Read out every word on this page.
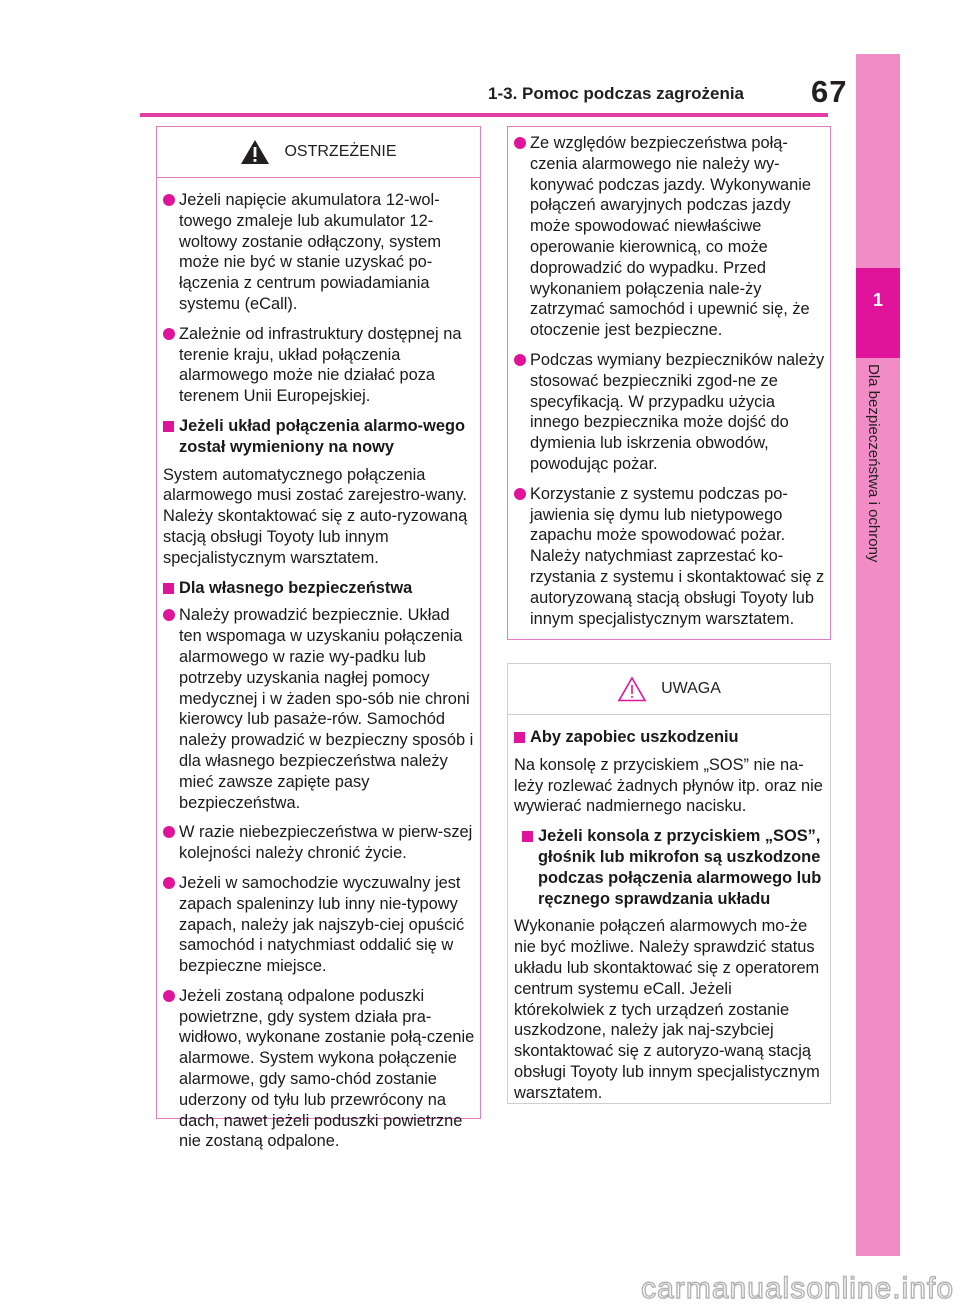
1-3. Pomoc podczas zagrożenia 67
1
Dla bezpieczeństwa i ochrony
OSTRZEŻENIE

Jeżeli napięcie akumulatora 12-wol-towego zmaleje lub akumulator 12-woltowy zostanie odłączony, system może nie być w stanie uzyskać po-łączenia z centrum powiadamiania systemu (eCall).

Zależnie od infrastruktury dostępnej na terenie kraju, układ połączenia alarmowego może nie działać poza terenem Unii Europejskiej.

Jeżeli układ połączenia alarmo-wego został wymieniony na nowy

System automatycznego połączenia alarmowego musi zostać zarejestro-wany. Należy skontaktować się z auto-ryzowaną stacją obsługi Toyoty lub innym specjalistycznym warsztatem.

Dla własnego bezpieczeństwa

Należy prowadzić bezpiecznie. Układ ten wspomaga w uzyskaniu połączenia alarmowego w razie wy-padku lub potrzeby uzyskania nagłej pomocy medycznej i w żaden spo-sób nie chroni kierowcy lub pasaże-rów. Samochód należy prowadzić w bezpieczny sposób i dla własnego bezpieczeństwa należy mieć zawsze zapięte pasy bezpieczeństwa.

W razie niebezpieczeństwa w pierw-szej kolejności należy chronić życie.

Jeżeli w samochodzie wyczuwalny jest zapach spaleninzy lub inny nie-typowy zapach, należy jak najszyb-ciej opuścić samochód i natychmiast oddalić się w bezpieczne miejsce.

Jeżeli zostaną odpalone poduszki powietrzne, gdy system działa pra-widłowo, wykonane zostanie połą-czenie alarmowe. System wykona połączenie alarmowe, gdy samo-chód zostanie uderzony od tyłu lub przewrócony na dach, nawet jeżeli poduszki powietrzne nie zostaną odpalone.

Ze względów bezpieczeństwa połą-czenia alarmowego nie należy wy-konywać podczas jazdy. Wykonywanie połączeń awaryjnych podczas jazdy może spowodować niewłaściwe operowanie kierownicą, co może doprowadzić do wypadku. Przed wykonaniem połączenia nale-ży zatrzymać samochód i upewnić się, że otoczenie jest bezpieczne.

Podczas wymiany bezpieczników należy stosować bezpieczniki zgod-ne ze specyfikacją. W przypadku użycia innego bezpiecznika może dojść do dymienia lub iskrzenia obwodów, powodując pożar.

Korzystanie z systemu podczas po-jawienia się dymu lub nietypowego zapachu może spowodować pożar. Należy natychmiast zaprzestać ko-rzystania z systemu i skontaktować się z autoryzowaną stacją obsługi Toyoty lub innym specjalistycznym warsztatem.

UWAGA

Aby zapobiec uszkodzeniu

Na konsolę z przyciskiem „SOS” nie na-leży rozlewać żadnych płynów itp. oraz nie wywierać nadmiernego nacisku.

Jeżeli konsola z przyciskiem „SOS”, głośnik lub mikrofon są uszkodzone podczas połączenia alarmowego lub ręcznego sprawdzania układu

Wykonanie połączeń alarmowych mo-że nie być możliwe. Należy sprawdzić status układu lub skontaktować się z operatorem centrum systemu eCall. Jeżeli którekolwiek z tych urządzeń zostanie uszkodzone, należy jak naj-szybciej skontaktować się z autoryzo-waną stacją obsługi Toyoty lub innym specjalistycznym warsztatem.

carmanualsonline.info
